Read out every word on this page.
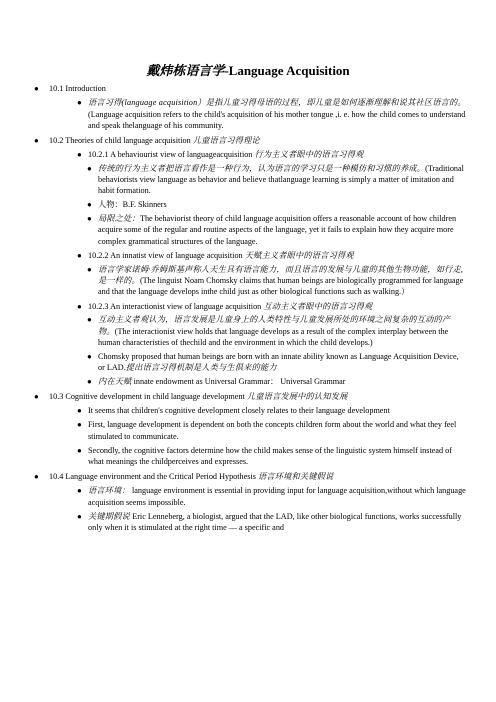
戴炜栋语言学-Language Acquisition
● 10.1 Introduction
● 语言习得(language acquisition）是指儿童习得母语的过程，即儿童是如何逐渐理解和说其社区语言的。(Language acquisition refers to the child's acquisition of his mother tongue ,i. e. how the child comes to understand and speak thelanguage of his community.
● 10.2 Theories of child language acquisition 儿童语言习得理论
● 10.2.1 A behaviourist view of languageacquisition 行为主义者眼中的语言习得观
● 传统的行为主义者把语言看作是一种行为，认为语言的学习只是一种模仿和习惯的养成。(Traditional behaviorists view language as behavior and believe thatlanguage learning is simply a matter of imitation and habit formation.
● 人物：B.F. Skinners
● 局限之处：The behaviorist theory of child language acquisition offers a reasonable account of how children acquire some of the regular and routine aspects of the language, yet it fails to explain how they acquire more complex grammatical structures of the language.
● 10.2.2 An innatist view of language acquisition 天赋主义者眼中的语言习得观
● 语言学家诺姆·乔姆斯基声称人天生具有语言能力，而且语言的发展与儿童的其他生物功能，如行走,是一样的。(The linguist Noam Chomsky claims that human beings are biologically programmed for language and that the language develops inthe child just as other biological functions such as walking.）
● 10.2.3 An interactionist view of language acquisition 互动主义者眼中的语言习得观
● 互动主义者观认为，语言发展是儿童身上的人类特性与儿童发展所处的环境之间复杂的互动的产物。(The interactionist view holds that language develops as a result of the complex interplay between the human characteristies of thechild and the environment in which the child develops.)
● Chomsky proposed that human beings are born with an innate ability known as Language Acquisition Device, or LAD.提出语言习得机制是人类与生俱来的能力
● 内在天赋 innate endowment as Universal Grammar： Universal Grammar
● 10.3 Cognitive development in child language development 儿童语言发展中的认知发展
● It seems that children's cognitive development closely relates to their language development
● First, language development is dependent on both the concepts children form about the world and what they feel stimulated to communicate.
● Secondly, the cognitive factors determine how the child makes sense of the linguistic system himself instead of what meanings the childperceives and expresses.
● 10.4 Language environment and the Critical Period Hypothesis 语言环境和关键假说
● 语言环境： language environment is essential in providing input for language acquisition,without which language acquisition seems impossible.
● 关键期假说 Eric Lenneberg, a biologist, argued that the LAD, like other biological functions, works successfully only when it is stimulated at the right time — a specific and
